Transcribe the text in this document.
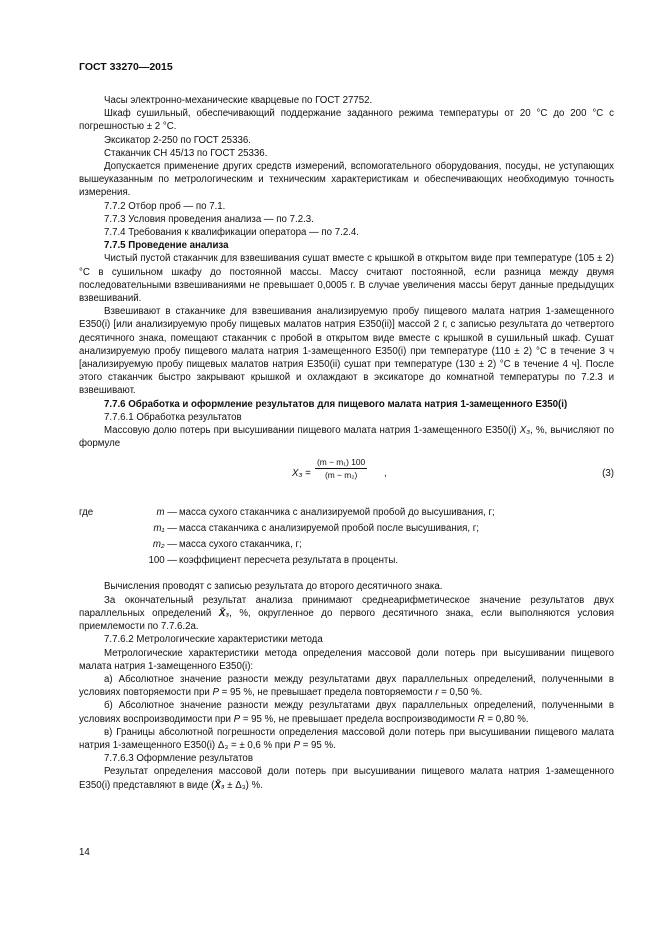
ГОСТ 33270—2015

Часы электронно-механические кварцевые по ГОСТ 27752.

Шкаф сушильный, обеспечивающий поддержание заданного режима температуры от 20 °С до 200 °С с погрешностью ± 2 °С.

Эксикатор 2-250 по ГОСТ 25336.

Стаканчик СН 45/13 по ГОСТ 25336.

Допускается применение других средств измерений, вспомогательного оборудования, посуды, не уступающих вышеуказанным по метрологическим и техническим характеристикам и обеспечивающих необходимую точность измерения.

7.7.2 Отбор проб — по 7.1.

7.7.3 Условия проведения анализа — по 7.2.3.

7.7.4 Требования к квалификации оператора — по 7.2.4.

7.7.5 Проведение анализа

Чистый пустой стаканчик для взвешивания сушат вместе с крышкой в открытом виде при температуре (105 ± 2) °С в сушильном шкафу до постоянной массы. Массу считают постоянной, если разница между двумя последовательными взвешиваниями не превышает 0,0005 г. В случае увеличения массы берут данные предыдущих взвешиваний.

Взвешивают в стаканчике для взвешивания анализируемую пробу пищевого малата натрия 1-замещенного Е350(i) [или анализируемую пробу пищевых малатов натрия Е350(ii)] массой 2 г, с записью результата до четвертого десятичного знака, помещают стаканчик с пробой в открытом виде вместе с крышкой в сушильный шкаф. Сушат анализируемую пробу пищевого малата натрия 1-замещенного Е350(i) при температуре (110 ± 2) °С в течение 3 ч [анализируемую пробу пищевых малатов натрия Е350(ii) сушат при температуре (130 ± 2) °С в течение 4 ч]. После этого стаканчик быстро закрывают крышкой и охлаждают в эксикаторе до комнатной температуры по 7.2.3 и взвешивают.

7.7.6 Обработка и оформление результатов для пищевого малата натрия 1-замещенного Е350(i)

7.7.6.1 Обработка результатов

Массовую долю потерь при высушивании пищевого малата натрия 1-замещенного Е350(i) X₃, %, вычисляют по формуле

$X_3 = \frac{\text{(m − m₁) 100}}{\text{(m − m₂)}}$ ,	(3)
где	m — масса сухого стаканчика с анализируемой пробой до высушивания, г;
m₁ — масса стаканчика с анализируемой пробой после высушивания, г;
m₂ — масса сухого стаканчика, г;
100 — коэффициент пересчета результата в проценты.

Вычисления проводят с записью результата до второго десятичного знака.

За окончательный результат анализа принимают среднеарифметическое значение результатов двух параллельных определений X̄₃, %, округленное до первого десятичного знака, если выполняются условия приемлемости по 7.7.6.2а.

7.7.6.2 Метрологические характеристики метода

Метрологические характеристики метода определения массовой доли потерь при высушивании пищевого малата натрия 1-замещенного Е350(i):

а) Абсолютное значение разности между результатами двух параллельных определений, полученными в условиях повторяемости при P = 95 %, не превышает предела повторяемости r = 0,50 %.

б) Абсолютное значение разности между результатами двух параллельных определений, полученными в условиях воспроизводимости при P = 95 %, не превышает предела воспроизводимости R = 0,80 %.

в) Границы абсолютной погрешности определения массовой доли потерь при высушивании пищевого малата натрия 1-замещенного Е350(i) Δ₃ = ± 0,6 % при P = 95 %.

7.7.6.3 Оформление результатов

Результат определения массовой доли потерь при высушивании пищевого малата натрия 1-замещенного Е350(i) представляют в виде (X̄₃ ± Δ₃) %.

14
